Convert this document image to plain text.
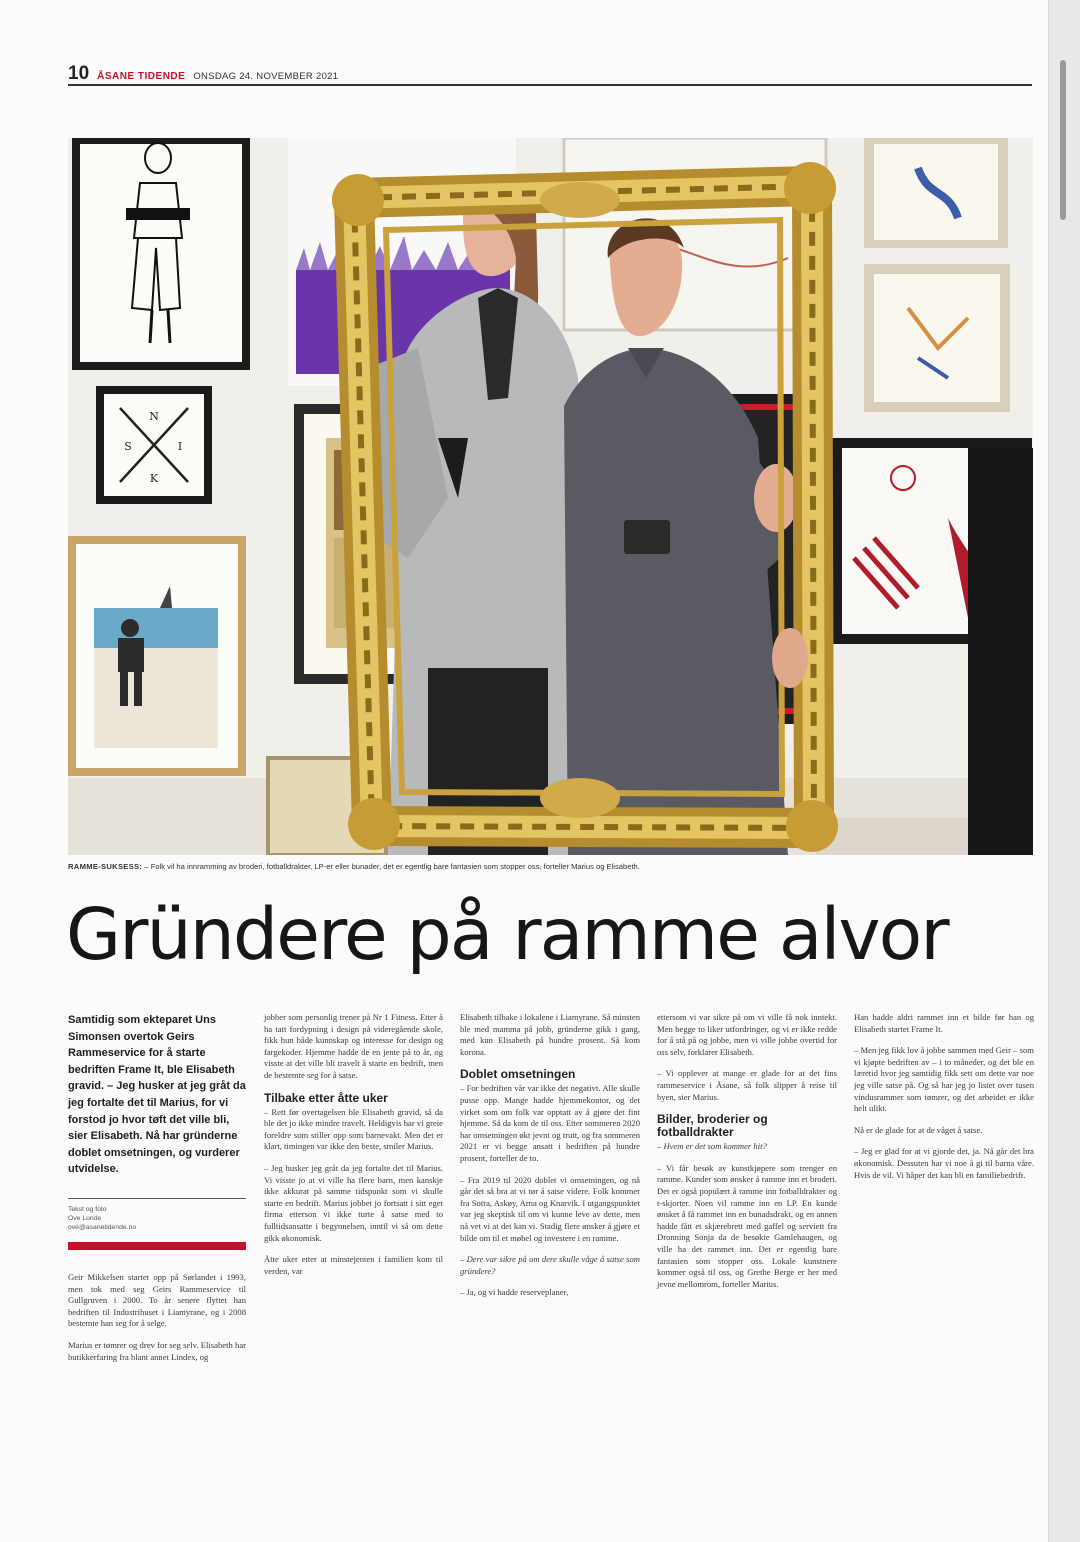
10 ÅSANE TIDENDE ONSDAG 24. NOVEMBER 2021
N
S	I
K
RAMME-SUKSESS: – Folk vil ha innramming av broderi, fotballdrakter, LP-er eller bunader, det er egentlig bare fantasien som stopper oss, forteller Marius og Elisabeth.
Gründere på ramme alvor
Samtidig som ekteparet Uns Simonsen overtok Geirs Rammeservice for å starte bedriften Frame It, ble Elisabeth gravid. – Jeg husker at jeg gråt da jeg fortalte det til Marius, for vi forstod jo hvor tøft det ville bli, sier Elisabeth. Nå har gründerne doblet omsetningen, og vurderer utvidelse.
Tekst og foto
Ove Lunde
ove@asanetidende.no

Geir Mikkelsen startet opp på Sørlandet i 1993, men tok med seg Geirs Rammeservice til Gullgruven i 2000. To år senere flyttet han bedriften til Industrihuset i Liamyrane, og i 2008 bestemte han seg for å selge.

Marius er tømrer og drev for seg selv. Elisabeth har butikkerfaring fra blant annet Lindex, og

jobber som personlig trener på Nr 1 Fitness. Etter å ha tatt fordypning i design på videregående skole, fikk hun både kunnskap og interesse for design og fargekoder. Hjemme hadde de en jente på to år, og visste at det ville bli travelt å starte en bedrift, men de bestemte seg for å satse.

Tilbake etter åtte uker

– Rett før overtagelsen ble Elisabeth gravid, så da ble det jo ikke mindre travelt. Heldigvis har vi greie foreldre som stiller opp som barnevakt. Men det er klart, timingen var ikke den beste, smiler Marius.

– Jeg husker jeg gråt da jeg fortalte det til Marius. Vi visste jo at vi ville ha flere barn, men kanskje ikke akkurat på samme tidspunkt som vi skulle starte en bedrift. Marius jobbet jo fortsatt i sitt eget firma etterson vi ikke turte å satse med to fulltidsansatte i begynnelsen, inntil vi så om dette gikk økonomisk.

Åtte uker etter at minstejenten i familien kom til verden, var

Elisabeth tilbake i lokalene i Liamyrane. Så minsten ble med mamma på jobb, gründerne gikk i gang, med kun Elisabeth på hundre prosent. Så kom korona.

Doblet omsetningen

– For bedriften vår var ikke det negativt. Alle skulle pusse opp. Mange hadde hjemmekontor, og det virket som om folk var opptatt av å gjøre det fint hjemme. Så da kom de til oss. Etter sommeren 2020 har omsetningen økt jevnt og trutt, og fra sommeren 2021 er vi begge ansatt i bedriften på hundre prosent, forteller de to.

– Fra 2019 til 2020 doblet vi omsetningen, og nå går det så bra at vi tør å satse videre. Folk kommer fra Sotra, Askøy, Arna og Knarvik. I utgangspunktet var jeg skeptisk til om vi kunne leve av dette, men nå vet vi at det kan vi. Stadig flere ønsker å gjøre et bilde om til et møbel og investere i en ramme.

– Dere var sikre på om dere skulle våge å satse som gründere?

– Ja, og vi hadde reserveplaner,

ettersom vi var sikre på om vi ville få nok inntekt. Men begge to liker utfordringer, og vi er ikke redde for å stå på og jobbe, men vi ville jobbe overtid for oss selv, forklarer Elisabeth.

– Vi opplever at mange er glade for at det fins rammeservice i Åsane, så folk slipper å reise til byen, sier Marius.

Bilder, broderier og fotballdrakter

– Hvem er det som kommer hit?

– Vi får besøk av kunstkjøpere som trenger en ramme. Kunder som ønsker å ramme inn et broderi. Det er også populært å ramme inn fotballdrakter og t-skjorter. Noen vil ramme inn en LP. En kunde ønsket å få rammet inn en bunadsdrakt, og en annen hadde fått et skjærebrett med gaffel og serviett fra Dronning Sonja da de besøkte Gamlehaugen, og ville ha det rammet inn. Det er egentlig bare fantasien som stopper oss. Lokale kunstnere kommer også til oss, og Grethe Berge er her med jevne mellomrom, forteller Marius.

Han hadde aldri rammet inn et bilde før han og Elisabeth startet Frame It.

– Men jeg fikk lov å jobbe sammen med Geir – som vi kjøpte bedriften av – i to måneder, og det ble en læretid hvor jeg samtidig fikk sett om dette var noe jeg ville satse på. Og så har jeg jo listet over tusen vindusrammer som tømrer, og det arbeidet er ikke helt ulikt.

Nå er de glade for at de våget å satse.

– Jeg er glad for at vi gjorde det, ja. Nå går det bra økonomisk. Dessuten har vi noe å gi til barna våre. Hvis de vil. Vi håper det kan bli en familiebedrift.
